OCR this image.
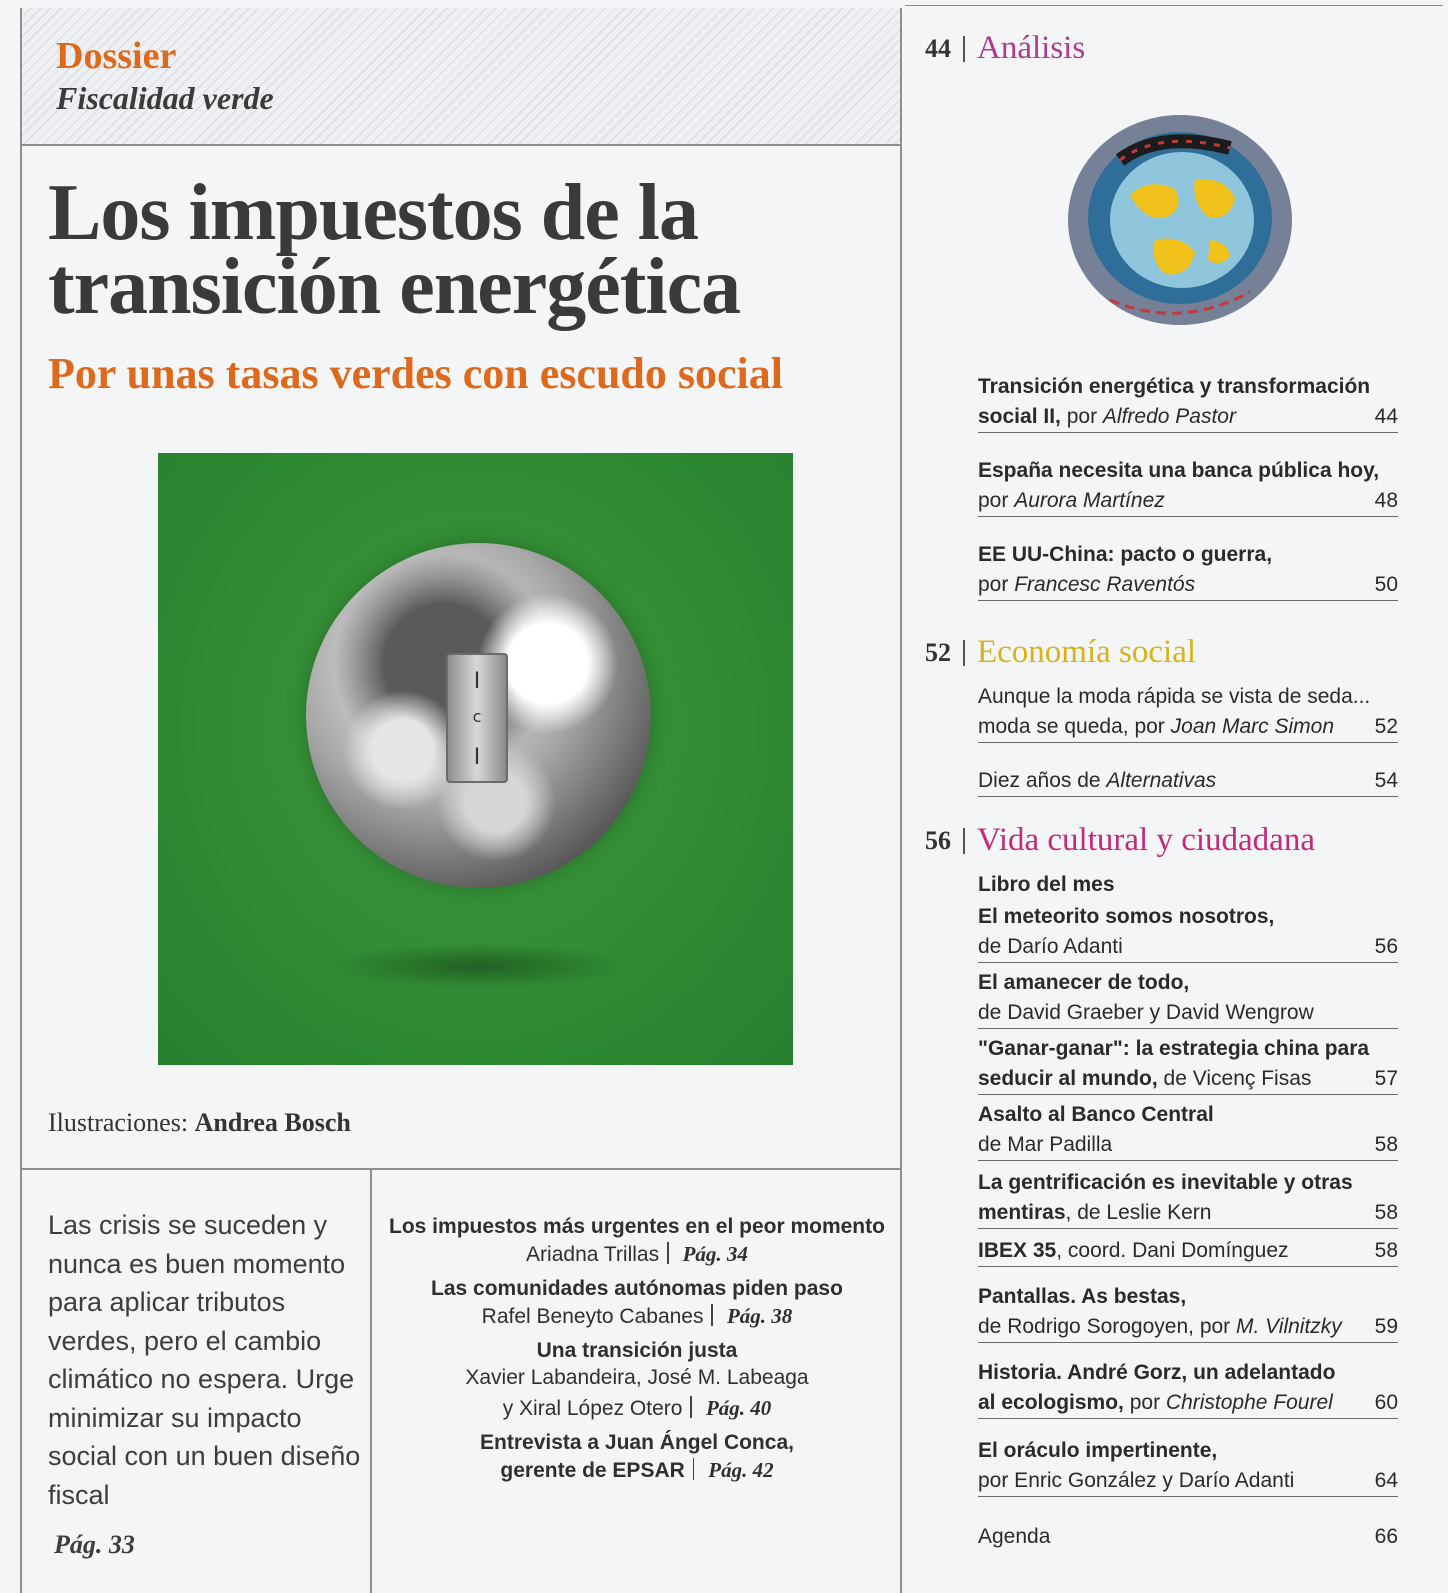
Dossier
Fiscalidad verde
Los impuestos de la transición energética
Por unas tasas verdes con escudo social
I
c
I
Ilustraciones: Andrea Bosch

Las crisis se suceden y nunca es buen momento para aplicar tributos verdes, pero el cambio climático no espera. Urge minimizar su impacto social con un buen diseño fiscal

Pág. 33
Los impuestos más urgentes en el peor momento
Ariadna Trillas Pág. 34
Las comunidades autónomas piden paso
Rafel Beneyto Cabanes Pág. 38
Una transición justa
Xavier Labandeira, José M. Labeaga
y Xiral López Otero Pág. 40
Entrevista a Juan Ángel Conca,
gerente de EPSAR Pág. 42
44 Análisis
Transición energética y transformación
social II, por Alfredo Pastor	44
España necesita una banca pública hoy,
por Aurora Martínez	48
EE UU-China: pacto o guerra,
por Francesc Raventós	50
52 Economía social
Aunque la moda rápida se vista de seda...
moda se queda, por Joan Marc Simon	52
Diez años de Alternativas	54
56 Vida cultural y ciudadana
Libro del mes
El meteorito somos nosotros,
de Darío Adanti	56
El amanecer de todo,
de David Graeber y David Wengrow
"Ganar-ganar": la estrategia china para
seducir al mundo, de Vicenç Fisas	57
Asalto al Banco Central
de Mar Padilla	58
La gentrificación es inevitable y otras
mentiras, de Leslie Kern	58
IBEX 35, coord. Dani Domínguez	58
Pantallas. As bestas,
de Rodrigo Sorogoyen, por M. Vilnitzky	59
Historia. André Gorz, un adelantado
al ecologismo, por Christophe Fourel	60
El oráculo impertinente,
por Enric González y Darío Adanti	64
Agenda	66
